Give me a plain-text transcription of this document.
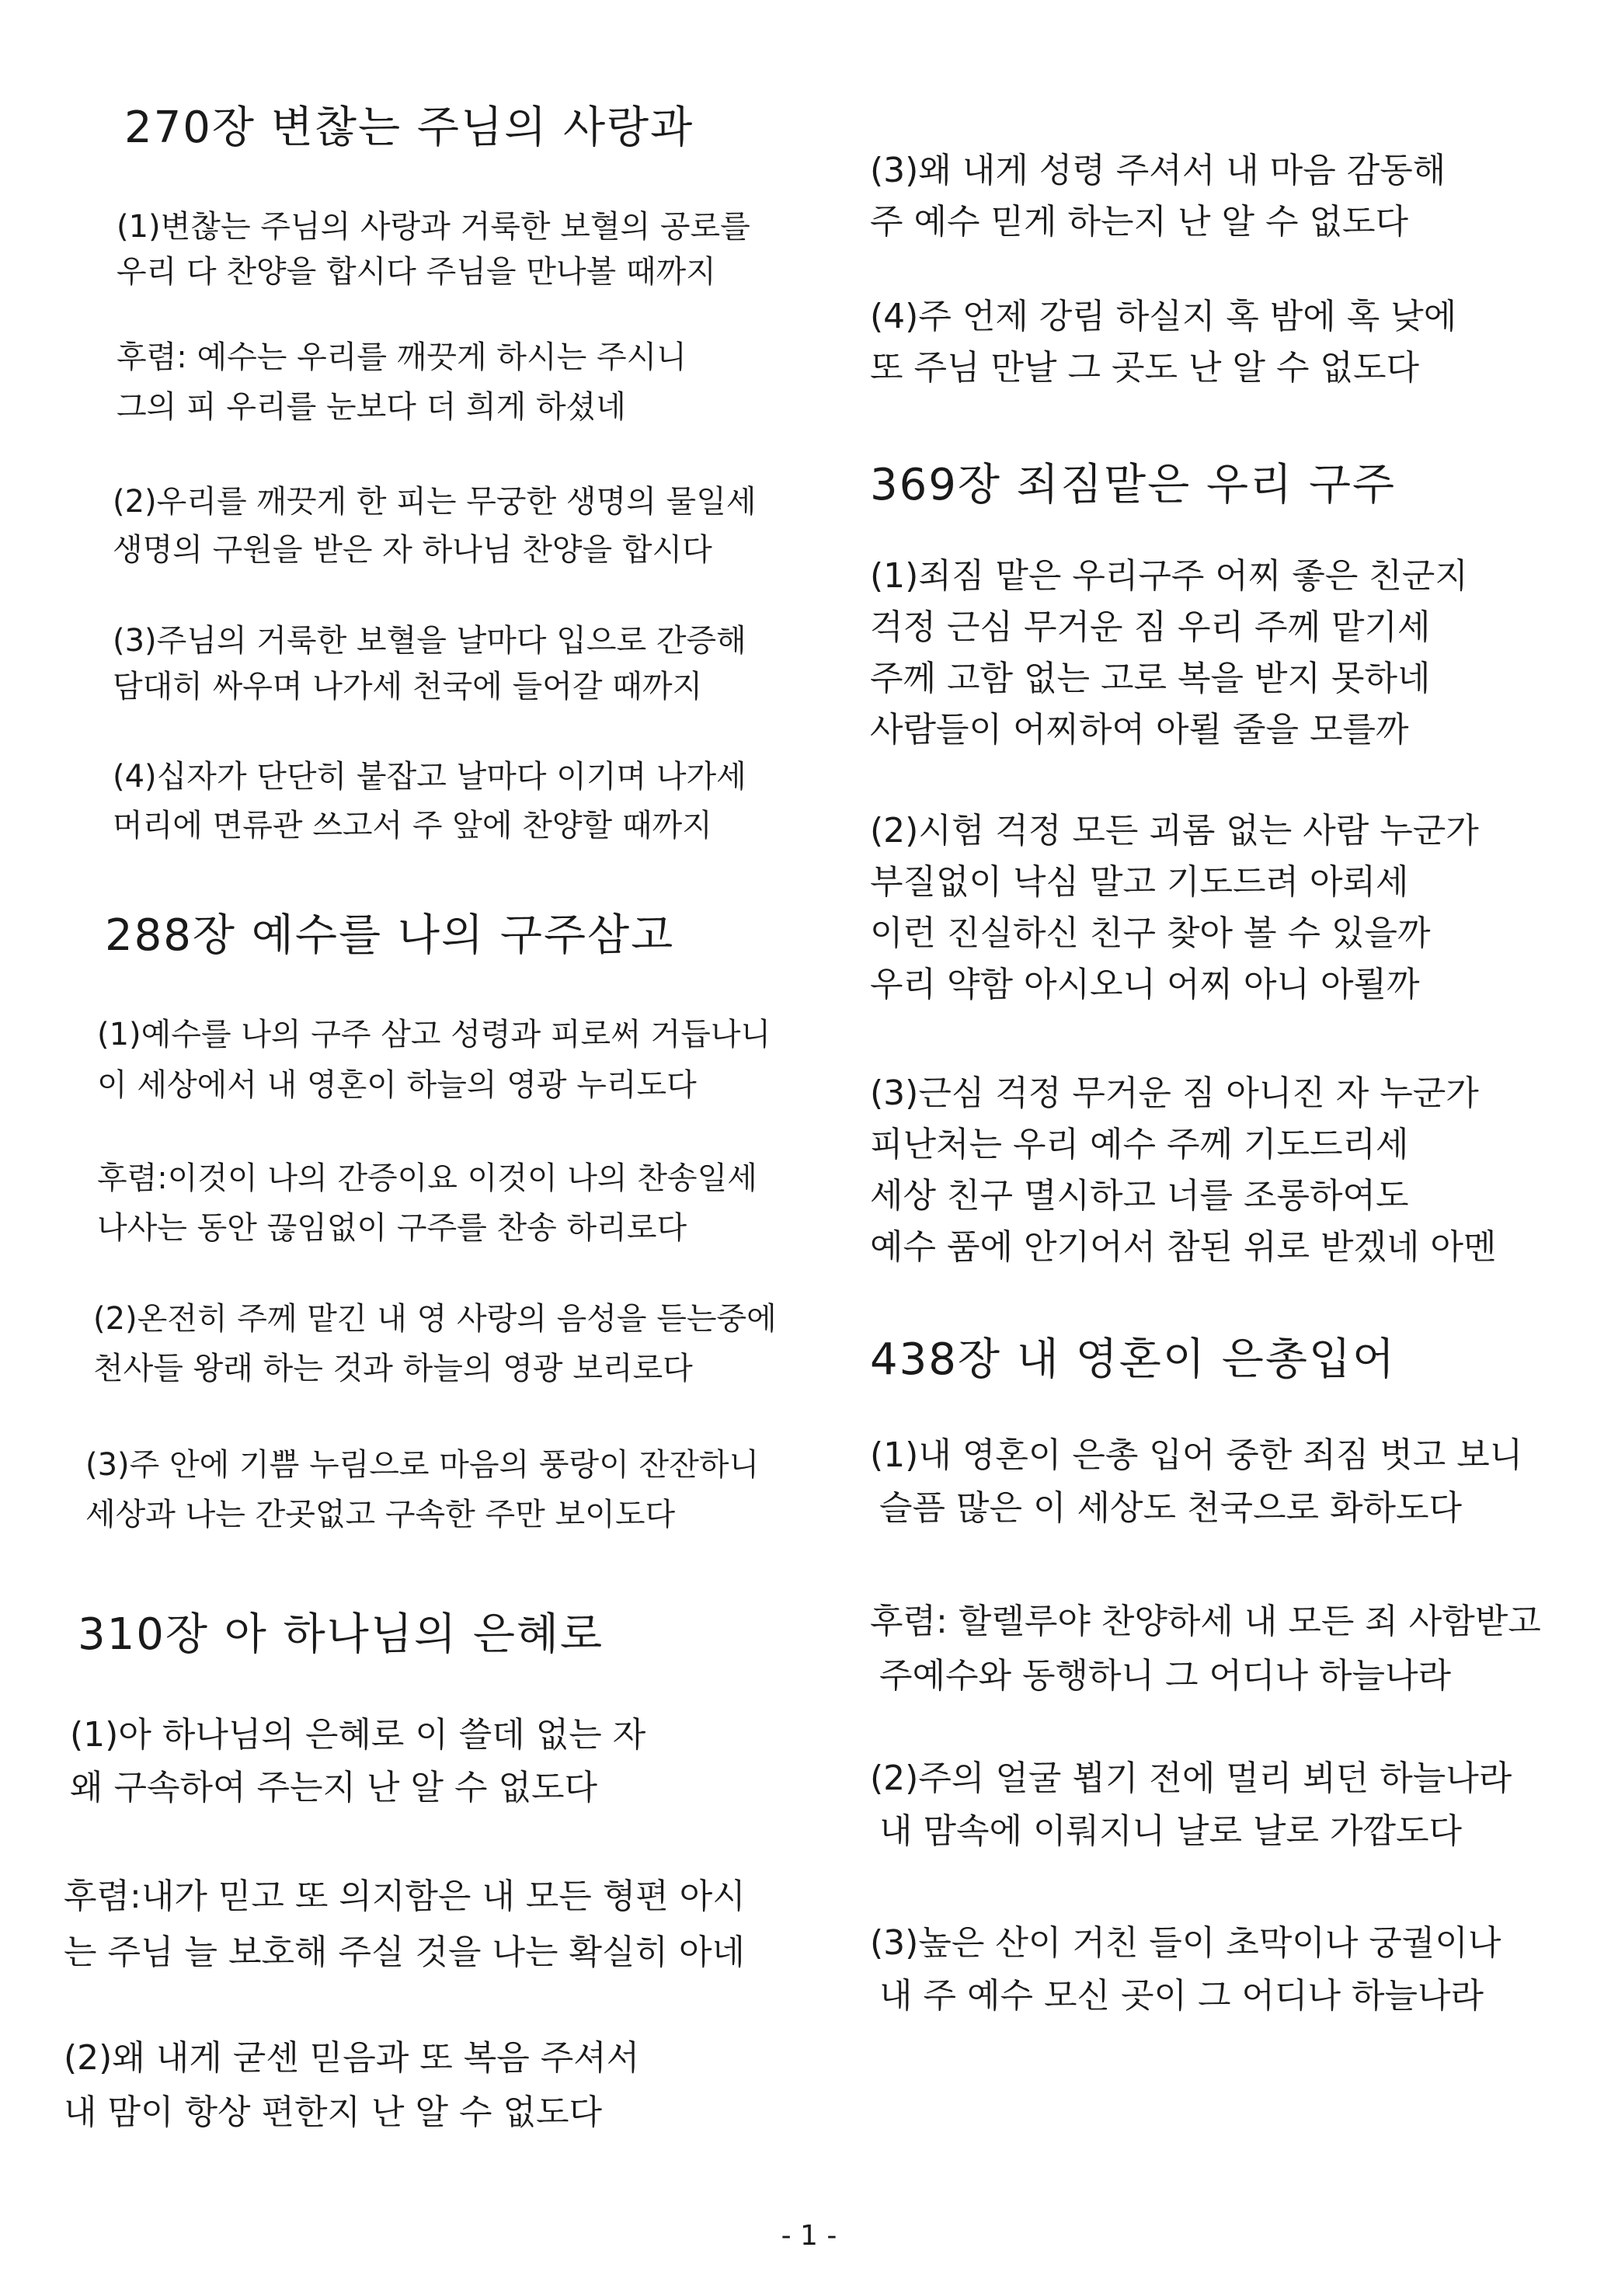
270장 변찮는 주님의 사랑과
(1)변찮는 주님의 사랑과 거룩한 보혈의 공로를
우리 다 찬양을 합시다 주님을 만나볼 때까지
후렴: 예수는 우리를 깨끗게 하시는 주시니
그의 피 우리를 눈보다 더 희게 하셨네
(2)우리를 깨끗게 한 피는 무궁한 생명의 물일세
생명의 구원을 받은 자 하나님 찬양을 합시다
(3)주님의 거룩한 보혈을 날마다 입으로 간증해
담대히 싸우며 나가세 천국에 들어갈 때까지
(4)십자가 단단히 붙잡고 날마다 이기며 나가세
머리에 면류관 쓰고서 주 앞에 찬양할 때까지
288장 예수를 나의 구주삼고
(1)예수를 나의 구주 삼고 성령과 피로써 거듭나니
이 세상에서 내 영혼이 하늘의 영광 누리도다
후렴:이것이 나의 간증이요 이것이 나의 찬송일세
나사는 동안 끊임없이 구주를 찬송 하리로다
(2)온전히 주께 맡긴 내 영 사랑의 음성을 듣는중에
천사들 왕래 하는 것과 하늘의 영광 보리로다
(3)주 안에 기쁨 누림으로 마음의 풍랑이 잔잔하니
세상과 나는 간곳없고 구속한 주만 보이도다
310장 아 하나님의 은혜로
(1)아 하나님의 은혜로 이 쓸데 없는 자
왜 구속하여 주는지 난 알 수 없도다
후렴:내가 믿고 또 의지함은 내 모든 형편 아시
는 주님 늘 보호해 주실 것을 나는 확실히 아네
(2)왜 내게 굳센 믿음과 또 복음 주셔서
내 맘이 항상 편한지 난 알 수 없도다
(3)왜 내게 성령 주셔서 내 마음 감동해
주 예수 믿게 하는지 난 알 수 없도다
(4)주 언제 강림 하실지 혹 밤에 혹 낮에
또 주님 만날 그 곳도 난 알 수 없도다
369장 죄짐맡은 우리 구주
(1)죄짐 맡은 우리구주 어찌 좋은 친군지
걱정 근심 무거운 짐 우리 주께 맡기세
주께 고함 없는 고로 복을 받지 못하네
사람들이 어찌하여 아뢸 줄을 모를까
(2)시험 걱정 모든 괴롬 없는 사람 누군가
부질없이 낙심 말고 기도드려 아뢰세
이런 진실하신 친구 찾아 볼 수 있을까
우리 약함 아시오니 어찌 아니 아뢸까
(3)근심 걱정 무거운 짐 아니진 자 누군가
피난처는 우리 예수 주께 기도드리세
세상 친구 멸시하고 너를 조롱하여도
예수 품에 안기어서 참된 위로 받겠네 아멘
438장 내 영혼이 은총입어
(1)내 영혼이 은총 입어 중한 죄짐 벗고 보니
슬픔 많은 이 세상도 천국으로 화하도다
후렴: 할렐루야 찬양하세 내 모든 죄 사함받고
주예수와 동행하니 그 어디나 하늘나라
(2)주의 얼굴 뵙기 전에 멀리 뵈던 하늘나라
내 맘속에 이뤄지니 날로 날로 가깝도다
(3)높은 산이 거친 들이 초막이나 궁궐이나
내 주 예수 모신 곳이 그 어디나 하늘나라
- 1 -
